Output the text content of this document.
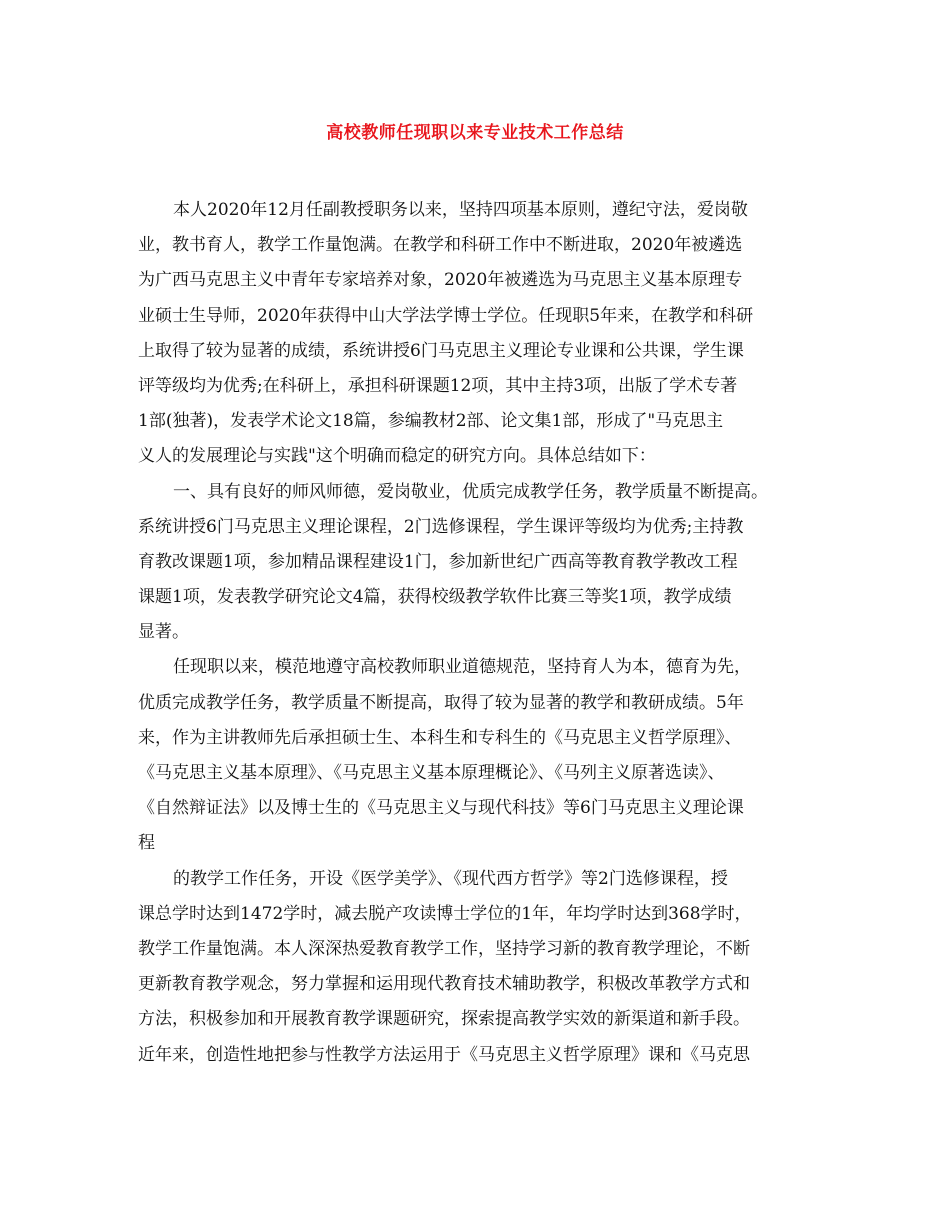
高校教师任现职以来专业技术工作总结
本人2020年12月任副教授职务以来，坚持四项基本原则，遵纪守法，爱岗敬
业，教书育人，教学工作量饱满。在教学和科研工作中不断进取，2020年被遴选
为广西马克思主义中青年专家培养对象，2020年被遴选为马克思主义基本原理专
业硕士生导师，2020年获得中山大学法学博士学位。任现职5年来，在教学和科研
上取得了较为显著的成绩，系统讲授6门马克思主义理论专业课和公共课，学生课
评等级均为优秀;在科研上，承担科研课题12项，其中主持3项，出版了学术专著
1部(独著)，发表学术论文18篇，参编教材2部、论文集1部，形成了"马克思主
义人的发展理论与实践"这个明确而稳定的研究方向。具体总结如下：
一、具有良好的师风师德，爱岗敬业，优质完成教学任务，教学质量不断提高。
系统讲授6门马克思主义理论课程，2门选修课程，学生课评等级均为优秀;主持教
育教改课题1项，参加精品课程建设1门，参加新世纪广西高等教育教学教改工程
课题1项，发表教学研究论文4篇，获得校级教学软件比赛三等奖1项，教学成绩
显著。
任现职以来，模范地遵守高校教师职业道德规范，坚持育人为本，德育为先，
优质完成教学任务，教学质量不断提高，取得了较为显著的教学和教研成绩。5年
来，作为主讲教师先后承担硕士生、本科生和专科生的《马克思主义哲学原理》、
《马克思主义基本原理》、《马克思主义基本原理概论》、《马列主义原著选读》、
《自然辩证法》以及博士生的《马克思主义与现代科技》等6门马克思主义理论课
程
的教学工作任务，开设《医学美学》、《现代西方哲学》等2门选修课程，授
课总学时达到1472学时，减去脱产攻读博士学位的1年，年均学时达到368学时，
教学工作量饱满。本人深深热爱教育教学工作，坚持学习新的教育教学理论，不断
更新教育教学观念，努力掌握和运用现代教育技术辅助教学，积极改革教学方式和
方法，积极参加和开展教育教学课题研究，探索提高教学实效的新渠道和新手段。
近年来，创造性地把参与性教学方法运用于《马克思主义哲学原理》课和《马克思
